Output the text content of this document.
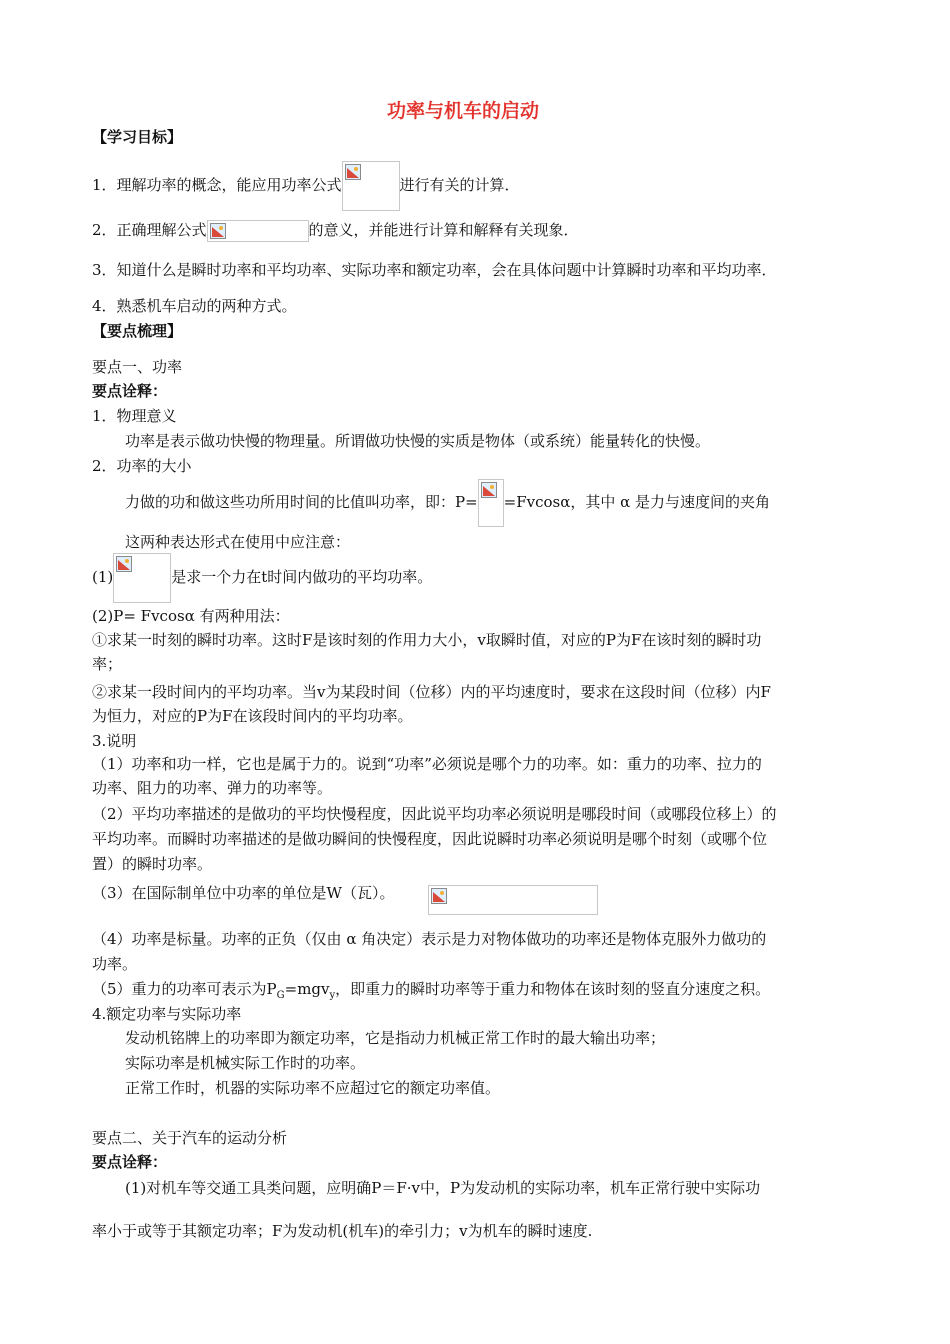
功率与机车的启动
【学习目标】
1．理解功率的概念，能应用功率公式	进行有关的计算．
2．正确理解公式	的意义，并能进行计算和解释有关现象．
3．知道什么是瞬时功率和平均功率、实际功率和额定功率，会在具体问题中计算瞬时功率和平均功率．
4．熟悉机车启动的两种方式。
【要点梳理】
要点一、功率
要点诠释：
1．物理意义
功率是表示做功快慢的物理量。所谓做功快慢的实质是物体（或系统）能量转化的快慢。
2．功率的大小
力做的功和做这些功所用时间的比值叫功率，即：P= =Fvcosα，其中 α 是力与速度间的夹角
这两种表达形式在使用中应注意：
(1)	是求一个力在t时间内做功的平均功率。
(2)P= Fvcosα 有两种用法：
①求某一时刻的瞬时功率。这时F是该时刻的作用力大小，v取瞬时值，对应的P为F在该时刻的瞬时功
率；
②求某一段时间内的平均功率。当v为某段时间（位移）内的平均速度时，要求在这段时间（位移）内F
为恒力，对应的P为F在该段时间内的平均功率。
3.说明
（1）功率和功一样，它也是属于力的。说到“功率”必须说是哪个力的功率。如：重力的功率、拉力的
功率、阻力的功率、弹力的功率等。
（2）平均功率描述的是做功的平均快慢程度，因此说平均功率必须说明是哪段时间（或哪段位移上）的
平均功率。而瞬时功率描述的是做功瞬间的快慢程度，因此说瞬时功率必须说明是哪个时刻（或哪个位
置）的瞬时功率。
（3）在国际制单位中功率的单位是W（瓦）。
（4）功率是标量。功率的正负（仅由 α 角决定）表示是力对物体做功的功率还是物体克服外力做功的
功率。
（5）重力的功率可表示为$P_G=mgv_y$，即重力的瞬时功率等于重力和物体在该时刻的竖直分速度之积。
4.额定功率与实际功率
发动机铭牌上的功率即为额定功率，它是指动力机械正常工作时的最大输出功率；
实际功率是机械实际工作时的功率。
正常工作时，机器的实际功率不应超过它的额定功率值。
要点二、关于汽车的运动分析
要点诠释：
(1)对机车等交通工具类问题，应明确P＝F·v中，P为发动机的实际功率，机车正常行驶中实际功
率小于或等于其额定功率；F为发动机(机车)的牵引力；v为机车的瞬时速度.
